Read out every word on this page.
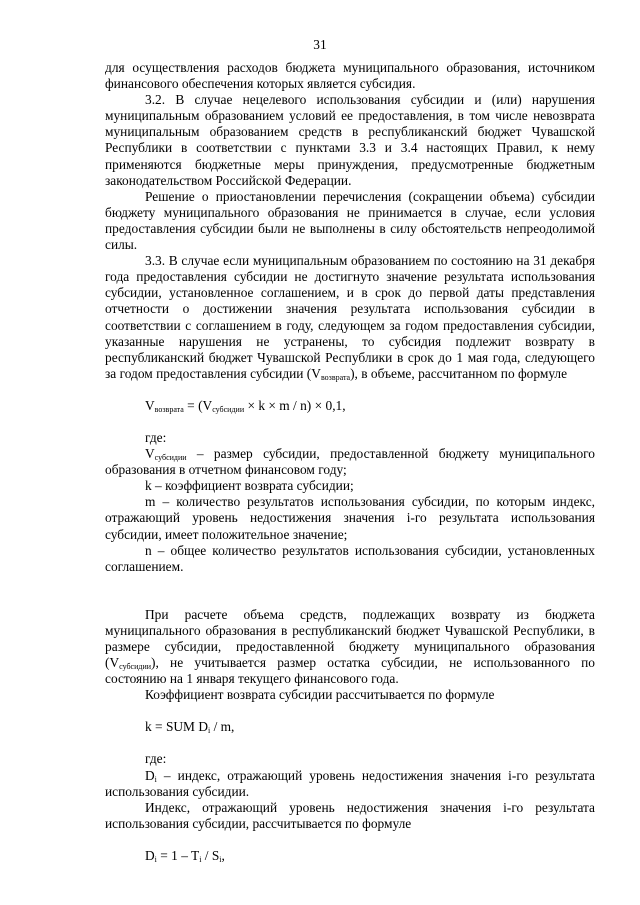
31

для осуществления расходов бюджета муниципального образования, источником финансового обеспечения которых является субсидия.

3.2. В случае нецелевого использования субсидии и (или) нарушения муниципальным образованием условий ее предоставления, в том числе невозврата муниципальным образованием средств в республиканский бюджет Чувашской Республики в соответствии с пунктами 3.3 и 3.4 настоящих Правил, к нему применяются бюджетные меры принуждения, предусмотренные бюджетным законодательством Российской Федерации.

Решение о приостановлении перечисления (сокращении объема) субсидии бюджету муниципального образования не принимается в случае, если условия предоставления субсидии были не выполнены в силу обстоятельств непреодолимой силы.

3.3. В случае если муниципальным образованием по состоянию на 31 декабря года предоставления субсидии не достигнуто значение результата использования субсидии, установленное соглашением, и в срок до первой даты представления отчетности о достижении значения результата использования субсидии в соответствии с соглашением в году, следующем за годом предоставления субсидии, указанные нарушения не устранены, то субсидия подлежит возврату в республиканский бюджет Чувашской Республики в срок до 1 мая года, следующего за годом предоставления субсидии $(V_{возврата})$, в объеме, рассчитанном по формуле

$V_{возврата} = (V_{субсидии} \times k \times m / n) \times 0,1$,

где:

$V_{субсидии}$ – размер субсидии, предоставленной бюджету муниципального образования в отчетном финансовом году;

k – коэффициент возврата субсидии;

m – количество результатов использования субсидии, по которым индекс, отражающий уровень недостижения значения i-го результата использования субсидии, имеет положительное значение;

n – общее количество результатов использования субсидии, установленных соглашением.

При расчете объема средств, подлежащих возврату из бюджета муниципального образования в республиканский бюджет Чувашской Республики, в размере субсидии, предоставленной бюджету муниципального образования $(V_{субсидии})$, не учитывается размер остатка субсидии, не использованного по состоянию на 1 января текущего финансового года.

Коэффициент возврата субсидии рассчитывается по формуле

k = SUM $D_i$ / m,

где:

$D_i$ – индекс, отражающий уровень недостижения значения i-го результата использования субсидии.

Индекс, отражающий уровень недостижения значения i-го результата использования субсидии, рассчитывается по формуле

$D_i = 1 - T_i / S_i$,
